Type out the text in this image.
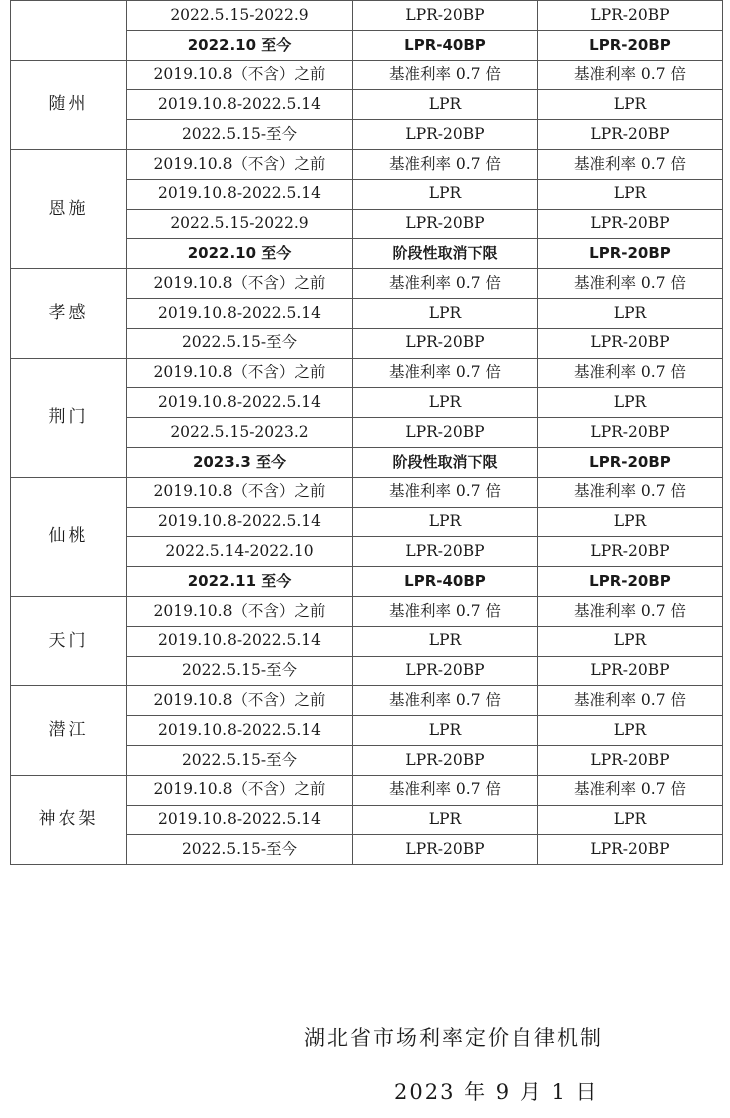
	2022.5.15-2022.9	LPR-20BP	LPR-20BP
	2022.10 至今	LPR-40BP	LPR-20BP
随州	2019.10.8（不含）之前	基准利率 0.7 倍	基准利率 0.7 倍
	2019.10.8-2022.5.14	LPR	LPR
	2022.5.15-至今	LPR-20BP	LPR-20BP
恩施	2019.10.8（不含）之前	基准利率 0.7 倍	基准利率 0.7 倍
	2019.10.8-2022.5.14	LPR	LPR
	2022.5.15-2022.9	LPR-20BP	LPR-20BP
	2022.10 至今	阶段性取消下限	LPR-20BP
孝感	2019.10.8（不含）之前	基准利率 0.7 倍	基准利率 0.7 倍
	2019.10.8-2022.5.14	LPR	LPR
	2022.5.15-至今	LPR-20BP	LPR-20BP
荆门	2019.10.8（不含）之前	基准利率 0.7 倍	基准利率 0.7 倍
	2019.10.8-2022.5.14	LPR	LPR
	2022.5.15-2023.2	LPR-20BP	LPR-20BP
	2023.3 至今	阶段性取消下限	LPR-20BP
仙桃	2019.10.8（不含）之前	基准利率 0.7 倍	基准利率 0.7 倍
	2019.10.8-2022.5.14	LPR	LPR
	2022.5.14-2022.10	LPR-20BP	LPR-20BP
	2022.11 至今	LPR-40BP	LPR-20BP
天门	2019.10.8（不含）之前	基准利率 0.7 倍	基准利率 0.7 倍
	2019.10.8-2022.5.14	LPR	LPR
	2022.5.15-至今	LPR-20BP	LPR-20BP
潜江	2019.10.8（不含）之前	基准利率 0.7 倍	基准利率 0.7 倍
	2019.10.8-2022.5.14	LPR	LPR
	2022.5.15-至今	LPR-20BP	LPR-20BP
神农架	2019.10.8（不含）之前	基准利率 0.7 倍	基准利率 0.7 倍
	2019.10.8-2022.5.14	LPR	LPR
	2022.5.15-至今	LPR-20BP	LPR-20BP
湖北省市场利率定价自律机制
2023 年 9 月 1 日
